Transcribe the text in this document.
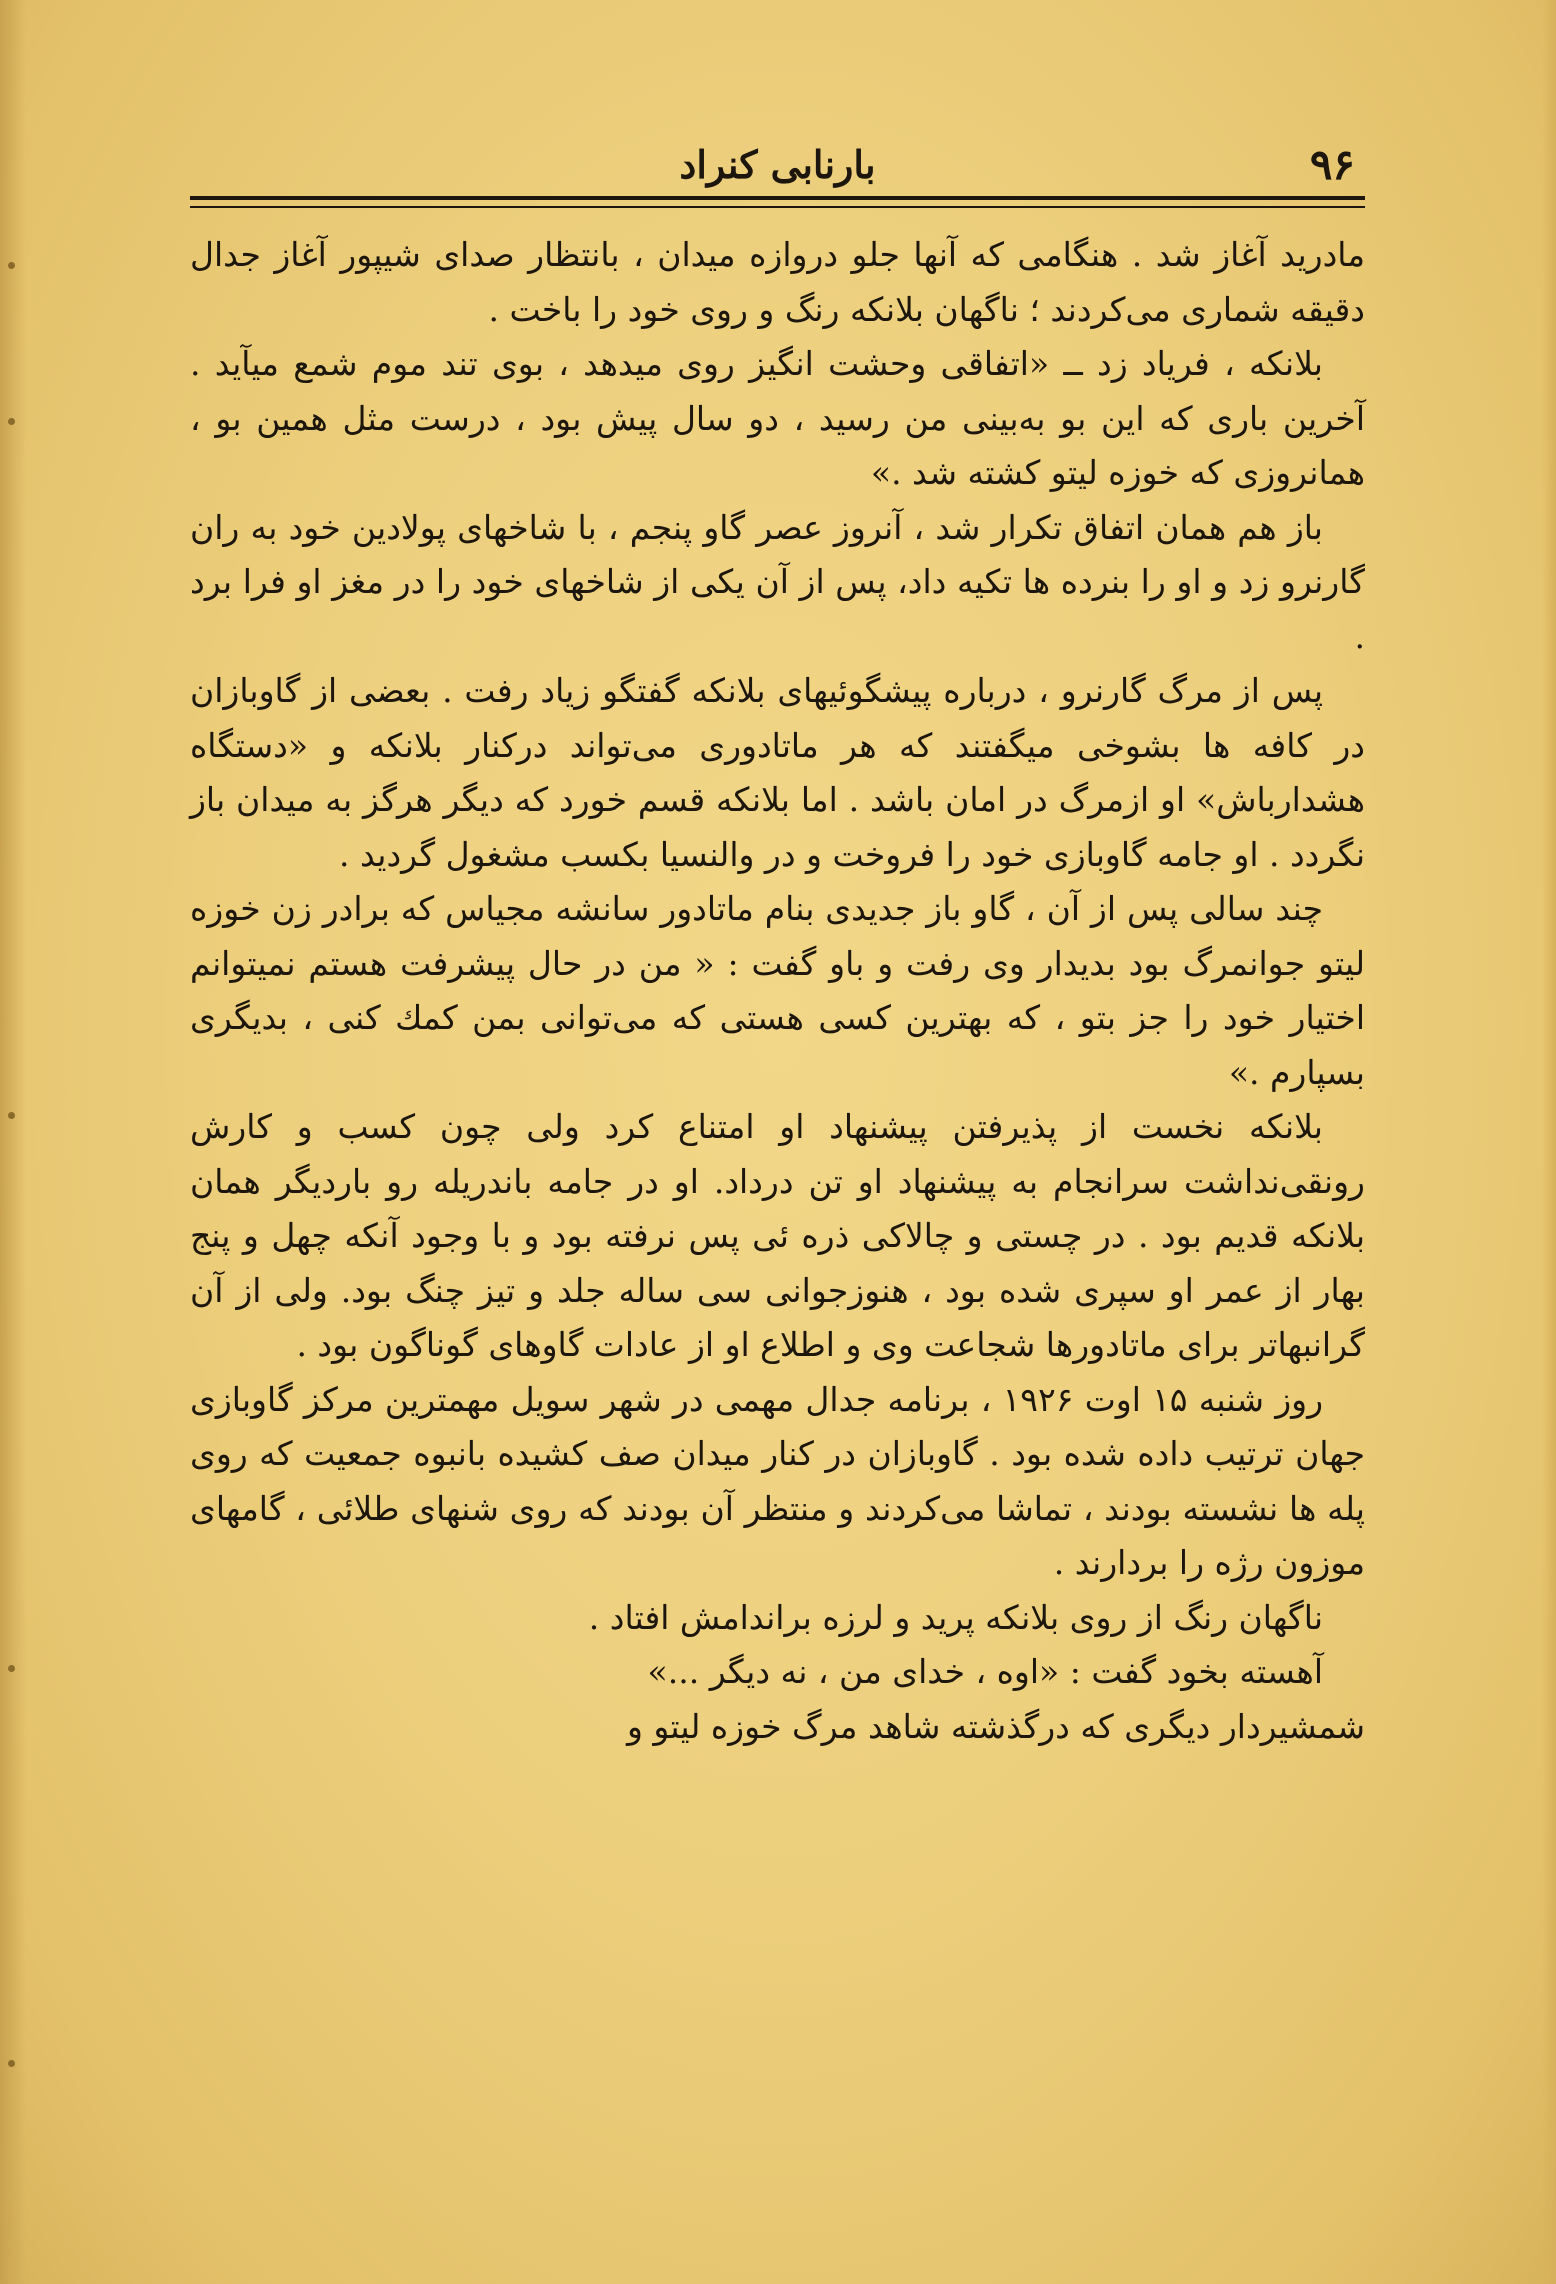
۹۶
بارنابی کنراد

مادرید آغاز شد . هنگامی که آنها جلو دروازه میدان ، بانتظار صدای شیپور آغاز جدال دقیقه شماری می‌کردند ؛ ناگهان بلانکه رنگ و روی خود را باخت .

بلانکه ، فریاد زد ــ «اتفاقی وحشت انگیز روی میدهد ، بوی تند موم شمع میآید . آخرین باری که این بو به‌بینی من رسید ، دو سال پیش بود ، درست مثل همین بو ، همانروزی که خوزه لیتو کشته شد .»

باز هم همان اتفاق تکرار شد ، آنروز عصر گاو پنجم ، با شاخهای پولادین خود به ران گارنرو زد و او را بنرده ها تکیه داد، پس از آن یکی از شاخهای خود را در مغز او فرا برد .

پس از مرگ گارنرو ، درباره پیشگوئیهای بلانکه گفتگو زیاد رفت . بعضی از گاوبازان در کافه ها بشوخی میگفتند که هر ماتادوری می‌تواند درکنار بلانکه و «دستگاه هشداربا‌ش» او ازمرگ در امان باشد . اما بلانکه قسم خورد که دیگر هرگز به میدان باز نگردد . او جامه گاوبازی خود را فروخت و در والنسیا بکسب مشغول گردید .

چند سالی پس از آن ، گاو باز جدیدی بنام ماتادور سانشه مجیاس که برادر زن خوزه لیتو جوانمرگ بود بدیدار وی رفت و باو گفت : « من در حال پیشرفت هستم نمیتوانم اختیار خود را جز بتو ، که بهترین کسی هستی که می‌توانی بمن کمك کنی ، بدیگری بسپارم .»

بلانکه نخست از پذیرفتن پیشنهاد او امتناع کرد ولی چون کسب و کارش رونقی‌نداشت سرانجام به پیشنهاد او تن درداد. او در جامه باندریله رو باردیگر همان بلانکه قدیم بود . در چستی و چالاکی ذره ئی پس نرفته بود و با وجود آنکه چهل و پنج بهار از عمر او سپری شده بود ، هنوزجوانی سی ساله جلد و تیز چنگ بود. ولی از آن گرانبهاتر برای ماتادورها شجاعت وی و اطلاع او از عادات گاوهای گوناگون بود .

روز شنبه ۱۵ اوت ۱۹۲۶ ، برنامه جدال مهمی در شهر سویل مهمترین مرکز گاوبازی جهان ترتیب داده شده بود . گاوبازان در کنار میدان صف کشیده بانبوه جمعیت که روی پله ها نشسته بودند ، تماشا می‌کردند و منتظر آن بودند که روی شنهای طلائی ، گامهای موزون رژه را بردارند .

ناگهان رنگ از روی بلانکه پرید و لرزه براندامش افتاد .

آهسته بخود گفت : «اوه ، خدای من ، نه دیگر ...»

شمشیردار دیگری که درگذشته شاهد مرگ خوزه لیتو و
